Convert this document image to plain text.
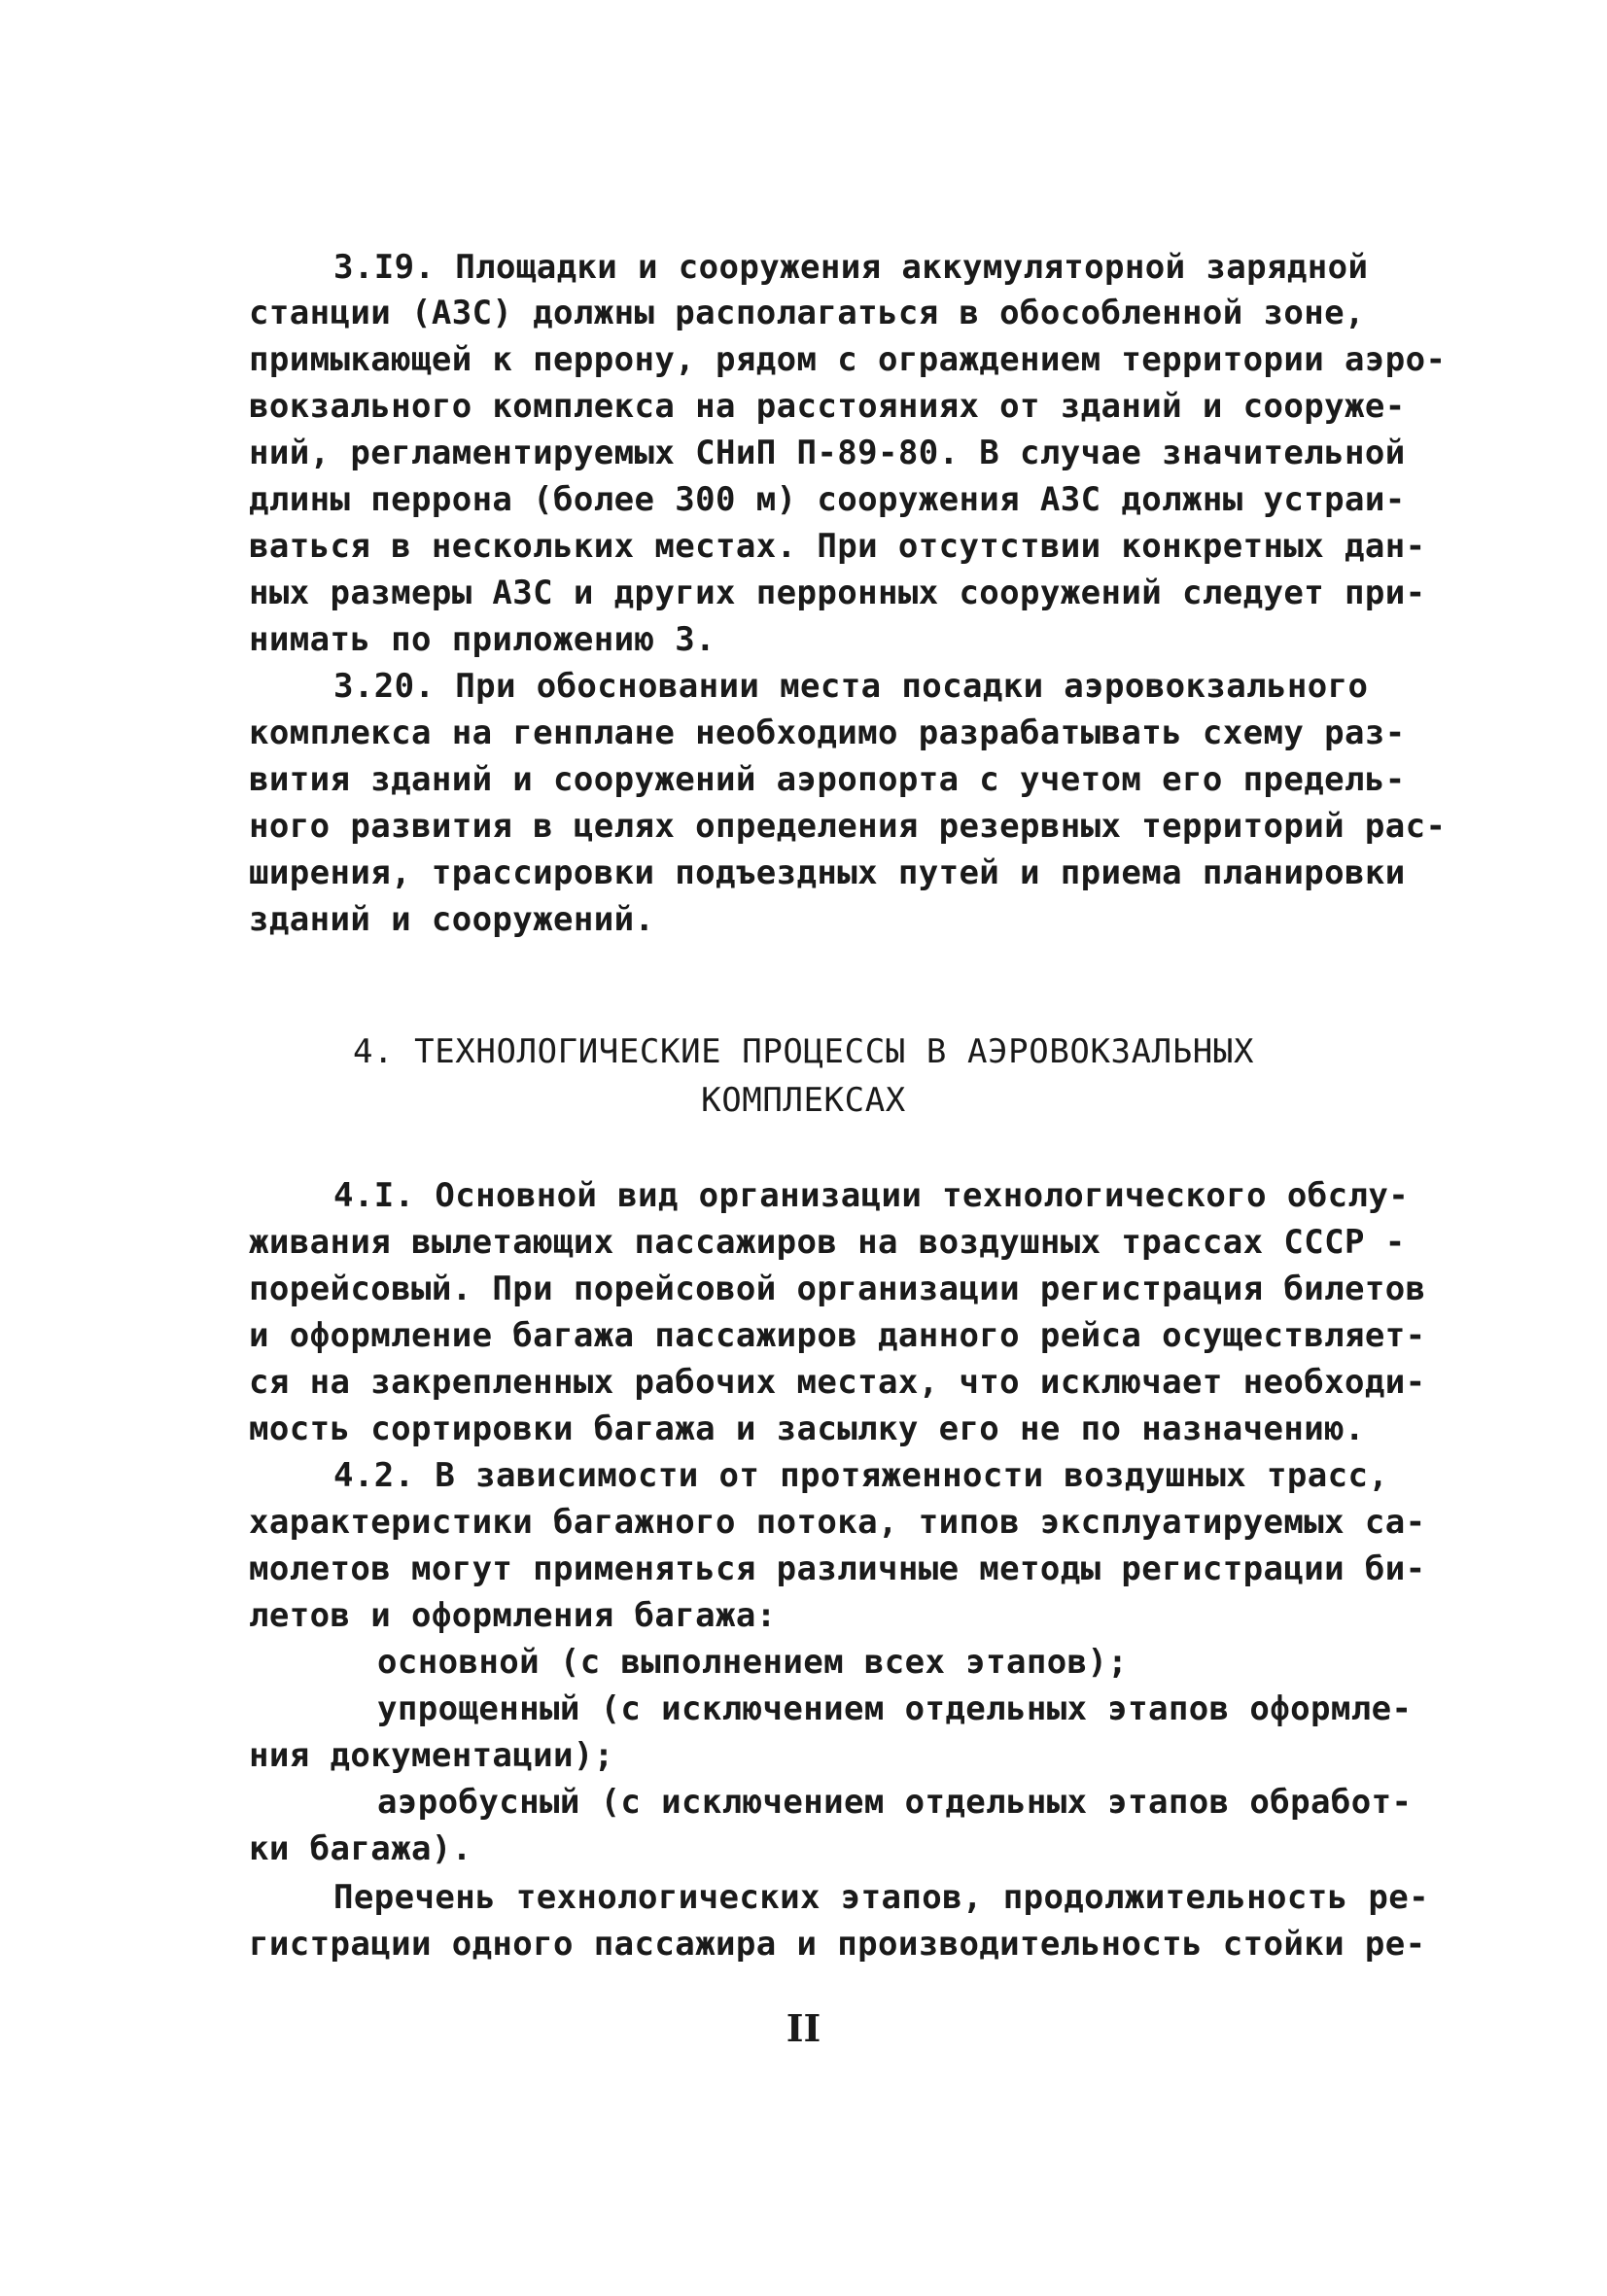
3.I9. Площадки и сооружения аккумуляторной зарядной
станции (АЗС) должны располагаться в обособленной зоне,
примыкающей к перрону, рядом с ограждением территории аэро-
вокзального комплекса на расстояниях от зданий и сооруже-
ний, регламентируемых СНиП П-89-80. В случае значительной
длины перрона (более 300 м) сооружения АЗС должны устраи-
ваться в нескольких местах. При отсутствии конкретных дан-
ных размеры АЗС и других перронных сооружений следует при-
нимать по приложению 3.
3.20. При обосновании места посадки аэровокзального
комплекса на генплане необходимо разрабатывать схему раз-
вития зданий и сооружений аэропорта с учетом его предель-
ного развития в целях определения резервных территорий рас-
ширения, трассировки подъездных путей и приема планировки
зданий и сооружений.
4. ТЕХНОЛОГИЧЕСКИЕ ПРОЦЕССЫ В АЭРОВОКЗАЛЬНЫХ
КОМПЛЕКСАХ
4.I. Основной вид организации технологического обслу-
живания вылетающих пассажиров на воздушных трассах СССР -
порейсовый. При порейсовой организации регистрация билетов
и оформление багажа пассажиров данного рейса осуществляет-
ся на закрепленных рабочих местах, что исключает необходи-
мость сортировки багажа и засылку его не по назначению.
4.2. В зависимости от протяженности воздушных трасс,
характеристики багажного потока, типов эксплуатируемых са-
молетов могут применяться различные методы регистрации би-
летов и оформления багажа:
основной (с выполнением всех этапов);
упрощенный (с исключением отдельных этапов оформле-
ния документации);
аэробусный (с исключением отдельных этапов обработ-
ки багажа).
Перечень технологических этапов, продолжительность ре-
гистрации одного пассажира и производительность стойки ре-
II
